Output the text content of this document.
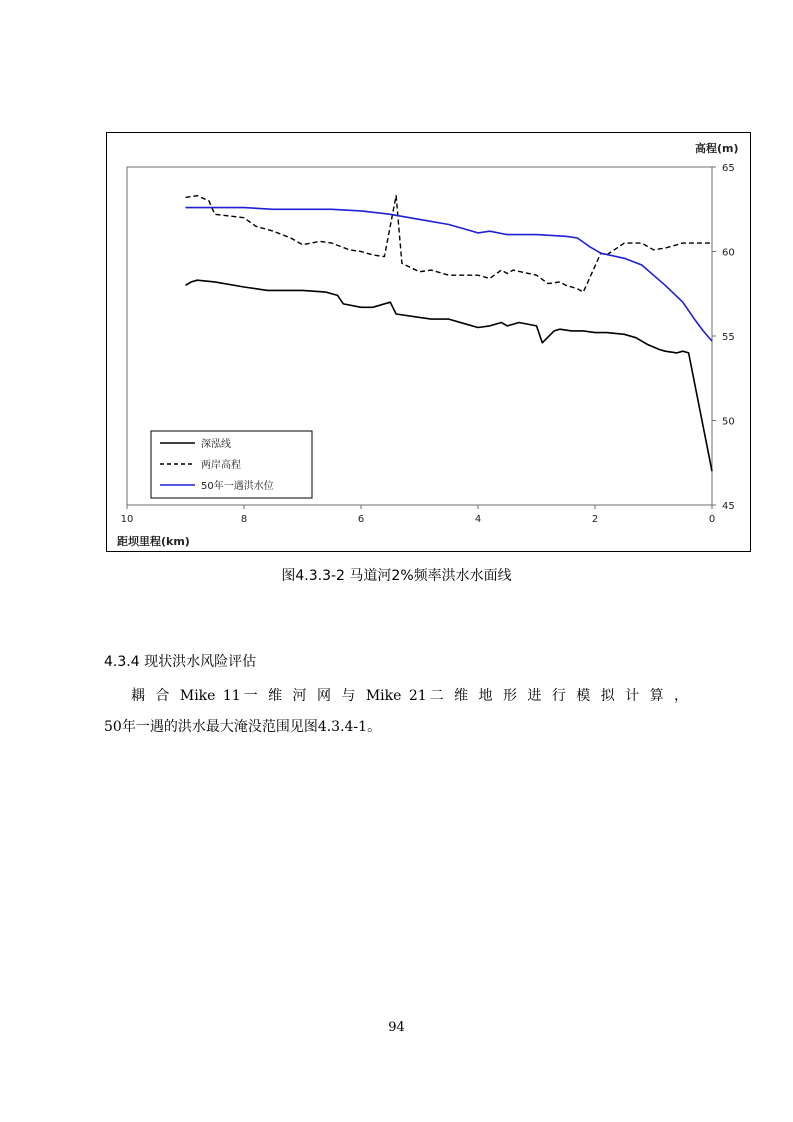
10	8	6	4	2	0
65
60
55
50
45
高程(m)
距坝里程(km)
深泓线
两岸高程
50年一遇洪水位
图4.3.3-2 马道河2%频率洪水水面线
4.3.4 现状洪水风险评估
耦 合 Mike 11一 维 河 网 与 Mike 21二 维 地 形 进 行 模 拟 计 算 ，
50年一遇的洪水最大淹没范围见图4.3.4-1。
94
